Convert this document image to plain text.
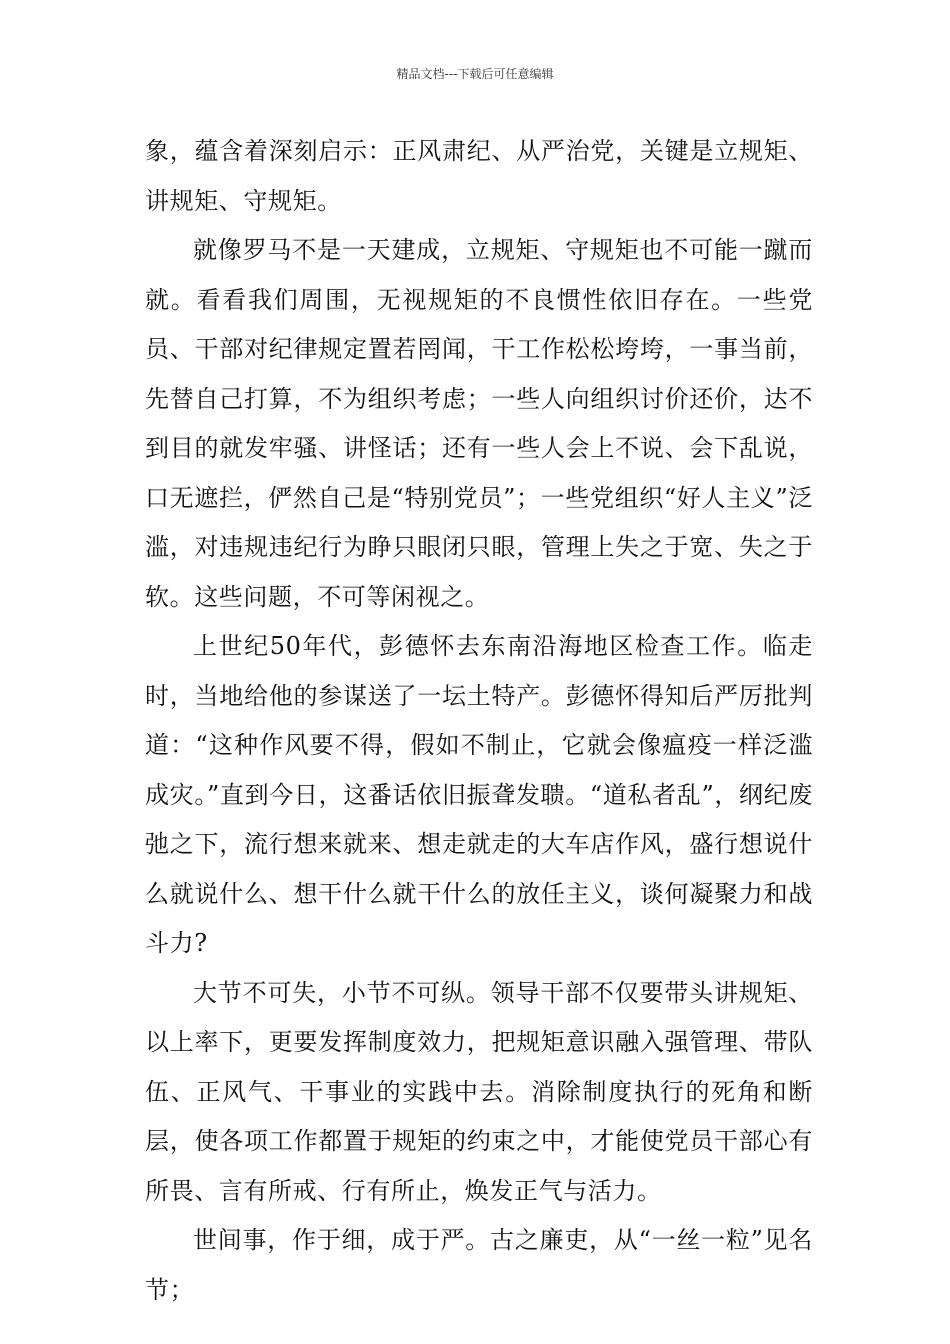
精品文档---下载后可任意编辑

象，蕴含着深刻启示：正风肃纪、从严治党，关键是立规矩、讲规矩、守规矩。

就像罗马不是一天建成，立规矩、守规矩也不可能一蹴而就。看看我们周围，无视规矩的不良惯性依旧存在。一些党员、干部对纪律规定置若罔闻，干工作松松垮垮，一事当前，先替自己打算，不为组织考虑；一些人向组织讨价还价，达不到目的就发牢骚、讲怪话；还有一些人会上不说、会下乱说，口无遮拦，俨然自己是“特别党员”；一些党组织“好人主义”泛滥，对违规违纪行为睁只眼闭只眼，管理上失之于宽、失之于软。这些问题，不可等闲视之。

上世纪50年代，彭德怀去东南沿海地区检查工作。临走时，当地给他的参谋送了一坛土特产。彭德怀得知后严厉批判道：“这种作风要不得，假如不制止，它就会像瘟疫一样泛滥成灾。”直到今日，这番话依旧振聋发聩。“道私者乱”，纲纪废弛之下，流行想来就来、想走就走的大车店作风，盛行想说什么就说什么、想干什么就干什么的放任主义，谈何凝聚力和战斗力?

大节不可失，小节不可纵。领导干部不仅要带头讲规矩、以上率下，更要发挥制度效力，把规矩意识融入强管理、带队伍、正风气、干事业的实践中去。消除制度执行的死角和断层，使各项工作都置于规矩的约束之中，才能使党员干部心有所畏、言有所戒、行有所止，焕发正气与活力。

世间事，作于细，成于严。古之廉吏，从“一丝一粒”见名节；
